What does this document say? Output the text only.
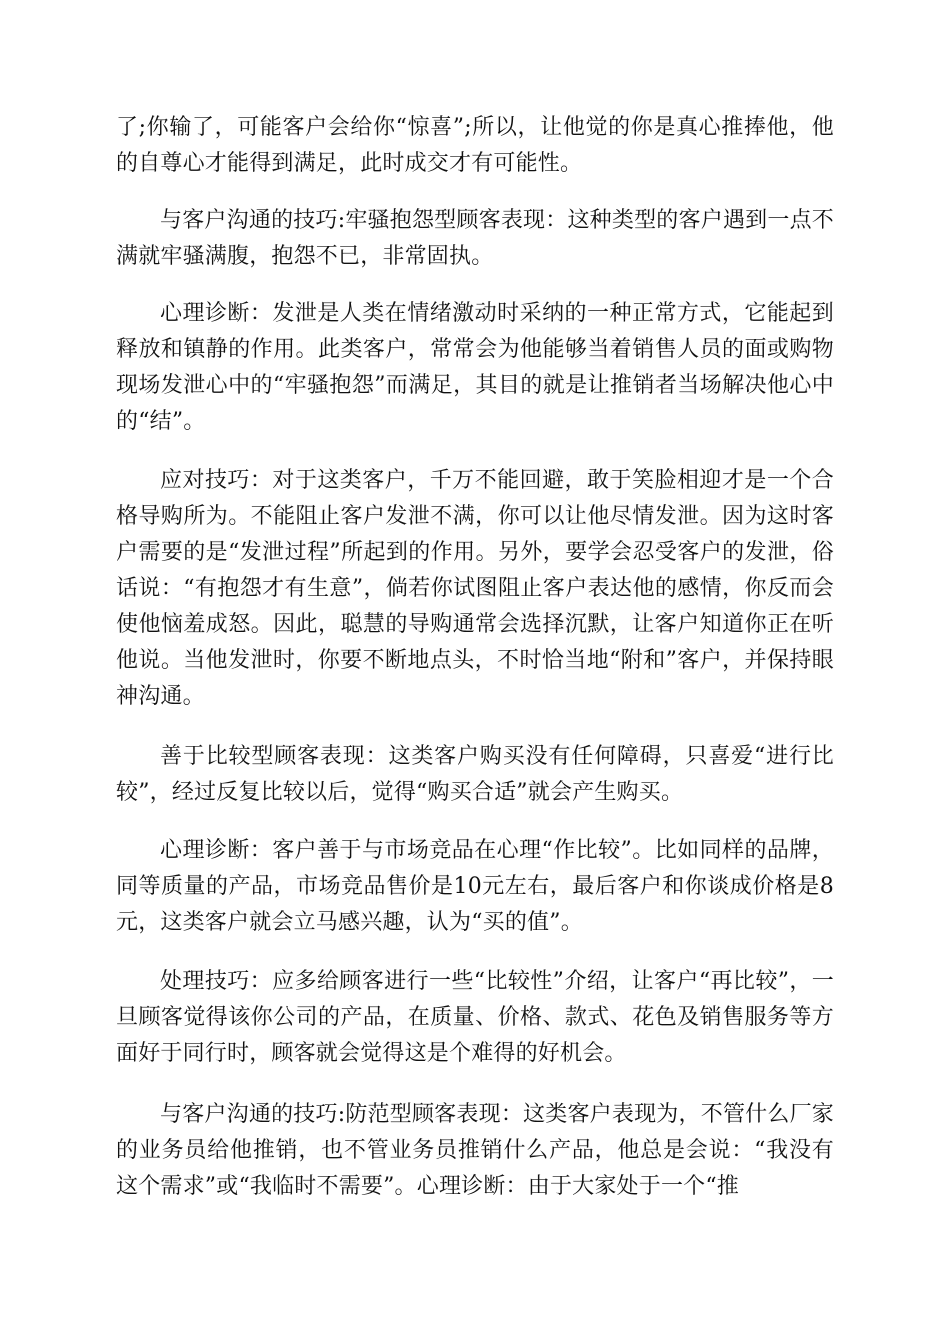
了;你输了，可能客户会给你“惊喜”;所以，让他觉的你是真心推捧他，他的自尊心才能得到满足，此时成交才有可能性。
与客户沟通的技巧:牢骚抱怨型顾客表现：这种类型的客户遇到一点不满就牢骚满腹，抱怨不已，非常固执。
心理诊断：发泄是人类在情绪激动时采纳的一种正常方式，它能起到释放和镇静的作用。此类客户，常常会为他能够当着销售人员的面或购物现场发泄心中的“牢骚抱怨”而满足，其目的就是让推销者当场解决他心中的“结”。
应对技巧：对于这类客户，千万不能回避，敢于笑脸相迎才是一个合格导购所为。不能阻止客户发泄不满，你可以让他尽情发泄。因为这时客户需要的是“发泄过程”所起到的作用。另外，要学会忍受客户的发泄，俗话说：“有抱怨才有生意”，倘若你试图阻止客户表达他的感情，你反而会使他恼羞成怒。因此，聪慧的导购通常会选择沉默，让客户知道你正在听他说。当他发泄时，你要不断地点头，不时恰当地“附和”客户，并保持眼神沟通。
善于比较型顾客表现：这类客户购买没有任何障碍，只喜爱“进行比较”，经过反复比较以后，觉得“购买合适”就会产生购买。
心理诊断：客户善于与市场竞品在心理“作比较”。比如同样的品牌，同等质量的产品，市场竞品售价是10元左右，最后客户和你谈成价格是8元，这类客户就会立马感兴趣，认为“买的值”。
处理技巧：应多给顾客进行一些“比较性”介绍，让客户“再比较”，一旦顾客觉得该你公司的产品，在质量、价格、款式、花色及销售服务等方面好于同行时，顾客就会觉得这是个难得的好机会。
与客户沟通的技巧:防范型顾客表现：这类客户表现为，不管什么厂家的业务员给他推销，也不管业务员推销什么产品，他总是会说：“我没有这个需求”或“我临时不需要”。心理诊断：由于大家处于一个“推
